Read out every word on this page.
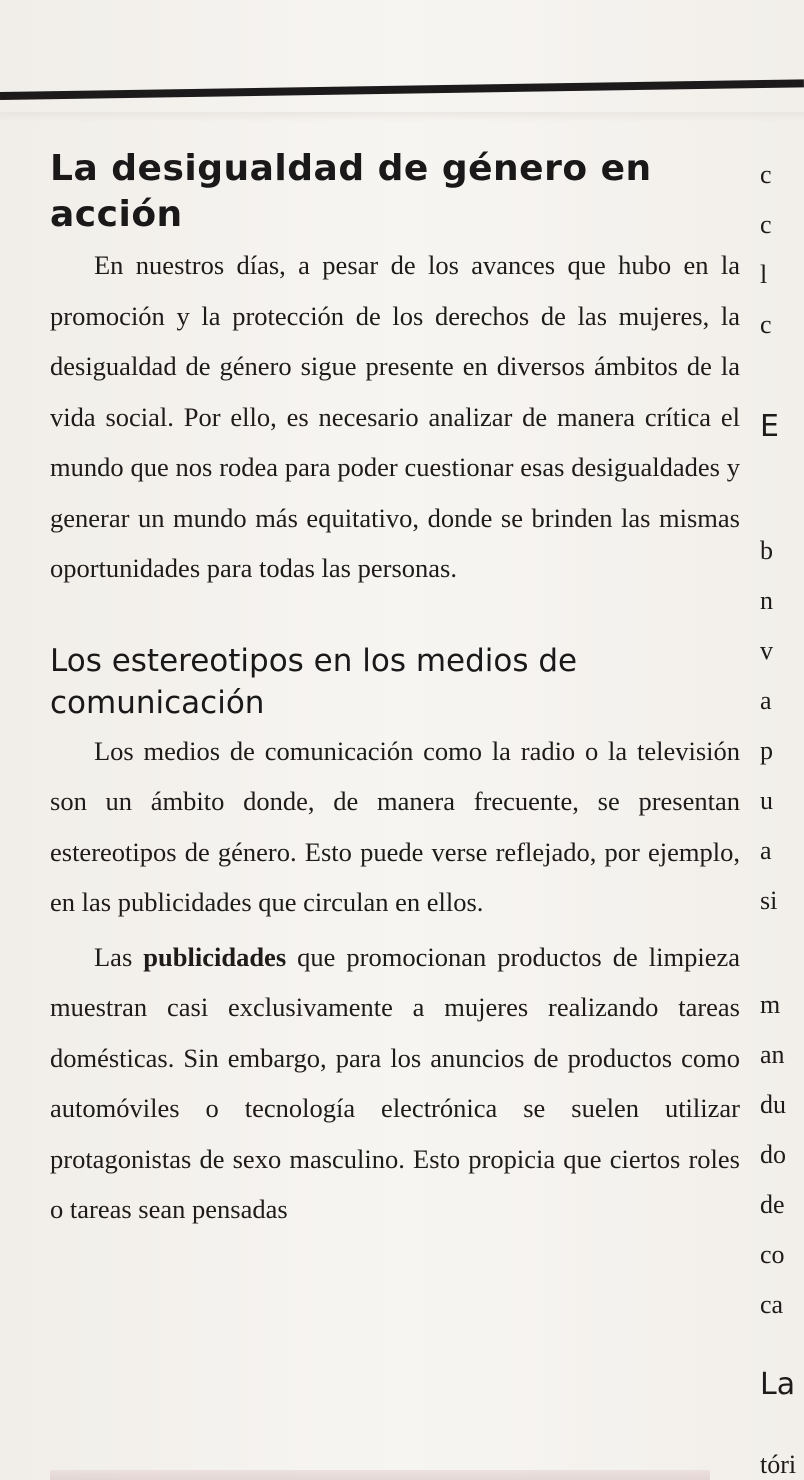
La desigualdad de género en acción

En nuestros días, a pesar de los avances que hubo en la promoción y la protección de los derechos de las mujeres, la desigualdad de género sigue presente en diversos ámbitos de la vida social. Por ello, es necesario analizar de manera crítica el mundo que nos rodea para poder cuestionar esas desigualdades y generar un mundo más equitativo, donde se brinden las mismas oportunidades para todas las personas.

Los estereotipos en los medios de comunicación

Los medios de comunicación como la radio o la televisión son un ámbito donde, de manera frecuente, se presentan estereotipos de género. Esto puede verse reflejado, por ejemplo, en las publicidades que circulan en ellos.

Las publicidades que promocionan productos de limpieza muestran casi exclusivamente a mujeres realizando tareas domésticas. Sin embargo, para los anuncios de productos como automóviles o tecnología electrónica se suelen utilizar protagonistas de sexo masculino. Esto propicia que ciertos roles o tareas sean pensadas

c
c
l
c
E
b
n
v
a
p
u
a
si
m
an
du
do
de
co
ca
La
tóri
